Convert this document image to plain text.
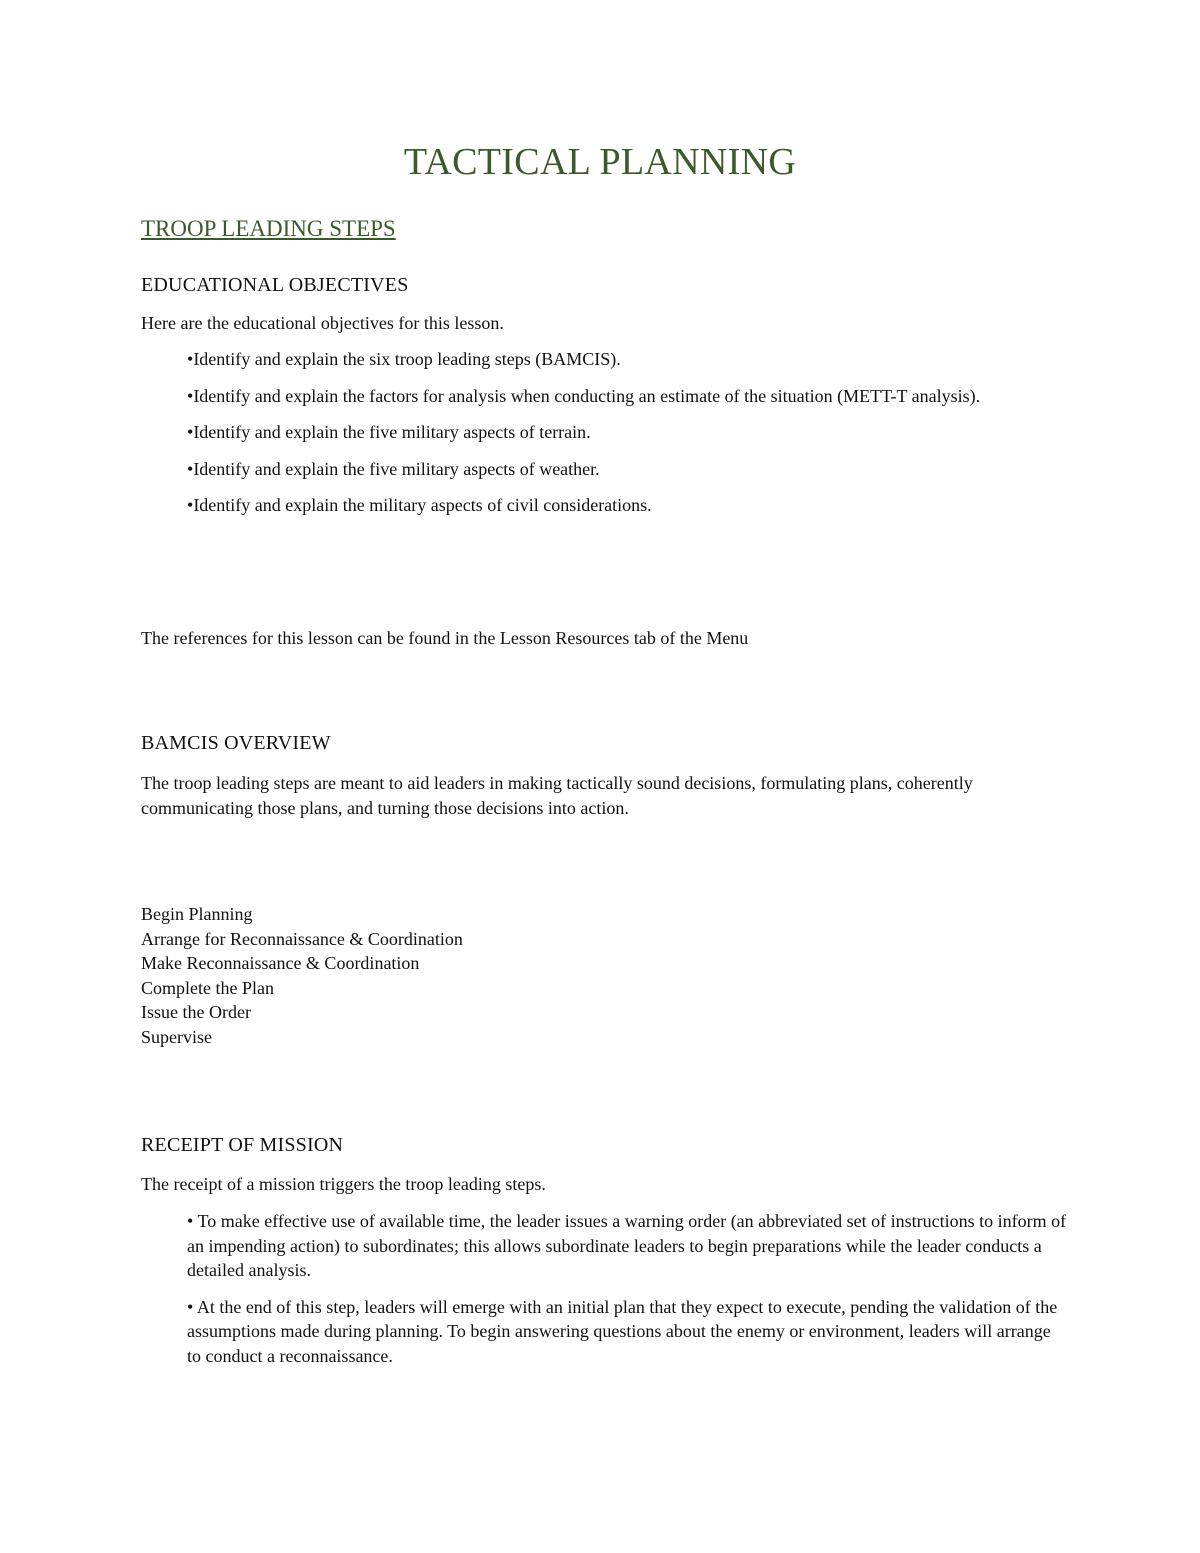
TACTICAL PLANNING
TROOP LEADING STEPS
EDUCATIONAL OBJECTIVES

Here are the educational objectives for this lesson.

•Identify and explain the six troop leading steps (BAMCIS).
•Identify and explain the factors for analysis when conducting an estimate of the situation (METT-T analysis).
•Identify and explain the five military aspects of terrain.
•Identify and explain the five military aspects of weather.
•Identify and explain the military aspects of civil considerations.

The references for this lesson can be found in the Lesson Resources tab of the Menu

BAMCIS OVERVIEW

The troop leading steps are meant to aid leaders in making tactically sound decisions, formulating plans, coherently communicating those plans, and turning those decisions into action.

Begin Planning
Arrange for Reconnaissance & Coordination
Make Reconnaissance & Coordination
Complete the Plan
Issue the Order
Supervise
RECEIPT OF MISSION

The receipt of a mission triggers the troop leading steps.

• To make effective use of available time, the leader issues a warning order (an abbreviated set of instructions to inform of an impending action) to subordinates; this allows subordinate leaders to begin preparations while the leader conducts a detailed analysis.
• At the end of this step, leaders will emerge with an initial plan that they expect to execute, pending the validation of the assumptions made during planning. To begin answering questions about the enemy or environment, leaders will arrange to conduct a reconnaissance.
